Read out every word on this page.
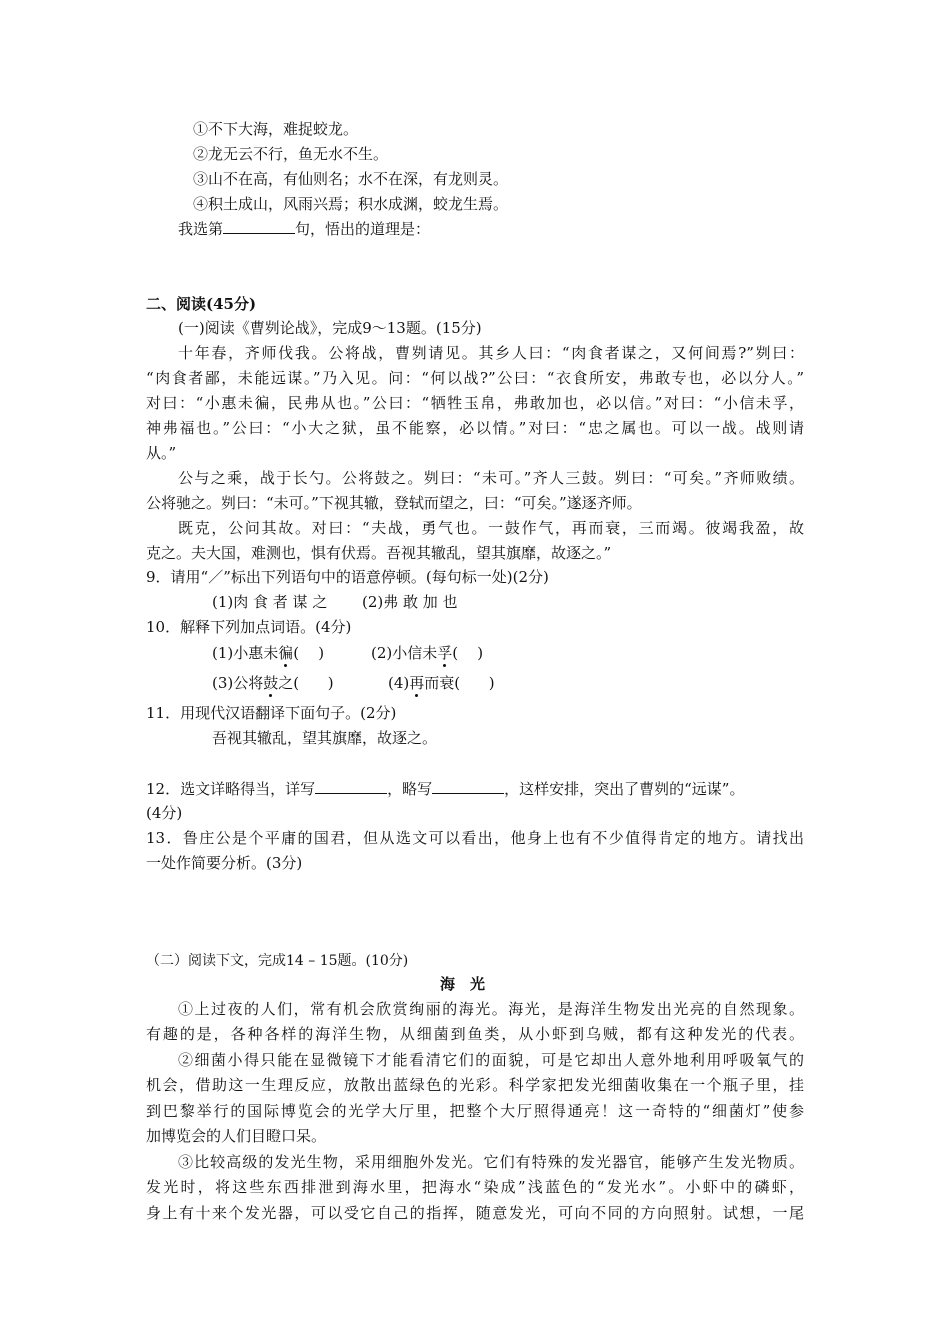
①不下大海，难捉蛟龙。
②龙无云不行，鱼无水不生。
③山不在高，有仙则名；水不在深，有龙则灵。
④积土成山，风雨兴焉；积水成渊，蛟龙生焉。
我选第	句，悟出的道理是：
二、阅读(45分)
(一)阅读《曹刿论战》，完成9～13题。(15分)
十年春，齐师伐我。公将战，曹刿请见。其乡人曰：“肉食者谋之，又何间焉?”刿曰：
“肉食者鄙，未能远谋。”乃入见。问：“何以战?”公曰：“衣食所安，弗敢专也，必以分人。”
对曰：“小惠未徧，民弗从也。”公曰：“牺牲玉帛，弗敢加也，必以信。”对曰：“小信未孚，
神弗福也。”公曰：“小大之狱，虽不能察，必以情。”对曰：“忠之属也。可以一战。战则请
从。”
公与之乘，战于长勺。公将鼓之。刿曰：“未可。”齐人三鼓。刿曰：“可矣。”齐师败绩。
公将驰之。刿曰：“未可。”下视其辙，登轼而望之，曰：“可矣。”遂逐齐师。
既克，公问其故。对曰：“夫战，勇气也。一鼓作气，再而衰，三而竭。彼竭我盈，故
克之。夫大国，难测也，惧有伏焉。吾视其辙乱，望其旗靡，故逐之。”
9．请用“／”标出下列语句中的语意停顿。(每句标一处)(2分)
(1)肉 食 者 谋 之 (2)弗 敢 加 也
10．解释下列加点词语。(4分)
(1)小惠未徧(    )	(2)小信未孚(    )
(3)公将鼓之(      )	(4)再而衰(      )
11．用现代汉语翻译下面句子。(2分)
吾视其辙乱，望其旗靡，故逐之。
12．选文详略得当，详写	，略写	，这样安排，突出了曹刿的“远谋”。
(4分)
13．鲁庄公是个平庸的国君，但从选文可以看出，他身上也有不少值得肯定的地方。请找出
一处作简要分析。(3分)
（二）阅读下文，完成14 – 15题。(10分)
海　光
①上过夜的人们，常有机会欣赏绚丽的海光。海光，是海洋生物发出光亮的自然现象。
有趣的是，各种各样的海洋生物，从细菌到鱼类，从小虾到乌贼，都有这种发光的代表。
②细菌小得只能在显微镜下才能看清它们的面貌，可是它却出人意外地利用呼吸氧气的
机会，借助这一生理反应，放散出蓝绿色的光彩。科学家把发光细菌收集在一个瓶子里，挂
到巴黎举行的国际博览会的光学大厅里，把整个大厅照得通亮！这一奇特的“细菌灯”使参
加博览会的人们目瞪口呆。
③比较高级的发光生物，采用细胞外发光。它们有特殊的发光器官，能够产生发光物质。
发光时，将这些东西排泄到海水里，把海水“染成”浅蓝色的“发光水”。小虾中的磷虾，
身上有十来个发光器，可以受它自己的指挥，随意发光，可向不同的方向照射。试想，一尾
